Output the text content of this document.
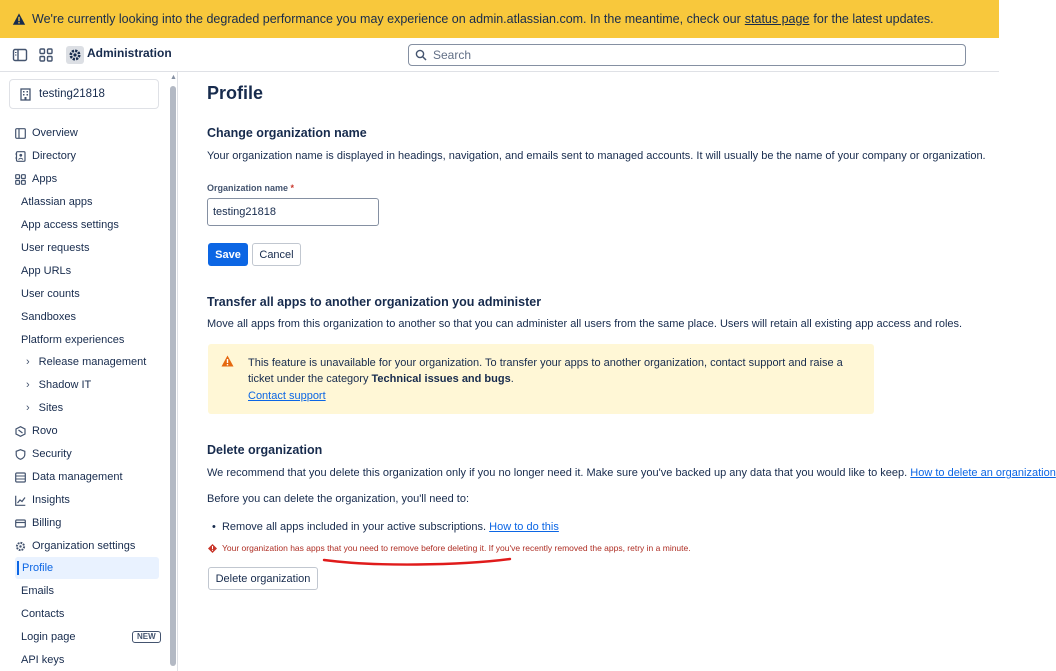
We're currently looking into the degraded performance you may experience on admin.atlassian.com. In the meantime, check our status page for the latest updates.
Administration	Search
▲
testing21818
Overview
Directory
Apps
Atlassian apps
App access settings
User requests
App URLs
User counts
Sandboxes
Platform experiences
› Release management
› Shadow IT
› Sites
Rovo
Security
Data management
Insights
Billing
Organization settings
Profile
Emails
Contacts
Login page	NEW
API keys
Profile
Change organization name
Your organization name is displayed in headings, navigation, and emails sent to managed accounts. It will usually be the name of your company or organization.
Organization name *
testing21818
Save	Cancel
Transfer all apps to another organization you administer
Move all apps from this organization to another so that you can administer all users from the same place. Users will retain all existing app access and roles.
This feature is unavailable for your organization. To transfer your apps to another organization, contact support and raise a ticket under the category Technical issues and bugs.
Contact support
Delete organization
We recommend that you delete this organization only if you no longer need it. Make sure you've backed up any data that you would like to keep. How to delete an organization
Before you can delete the organization, you'll need to:
•  Remove all apps included in your active subscriptions. How to do this
Your organization has apps that you need to remove before deleting it. If you've recently removed the apps, retry in a minute.
Delete organization
